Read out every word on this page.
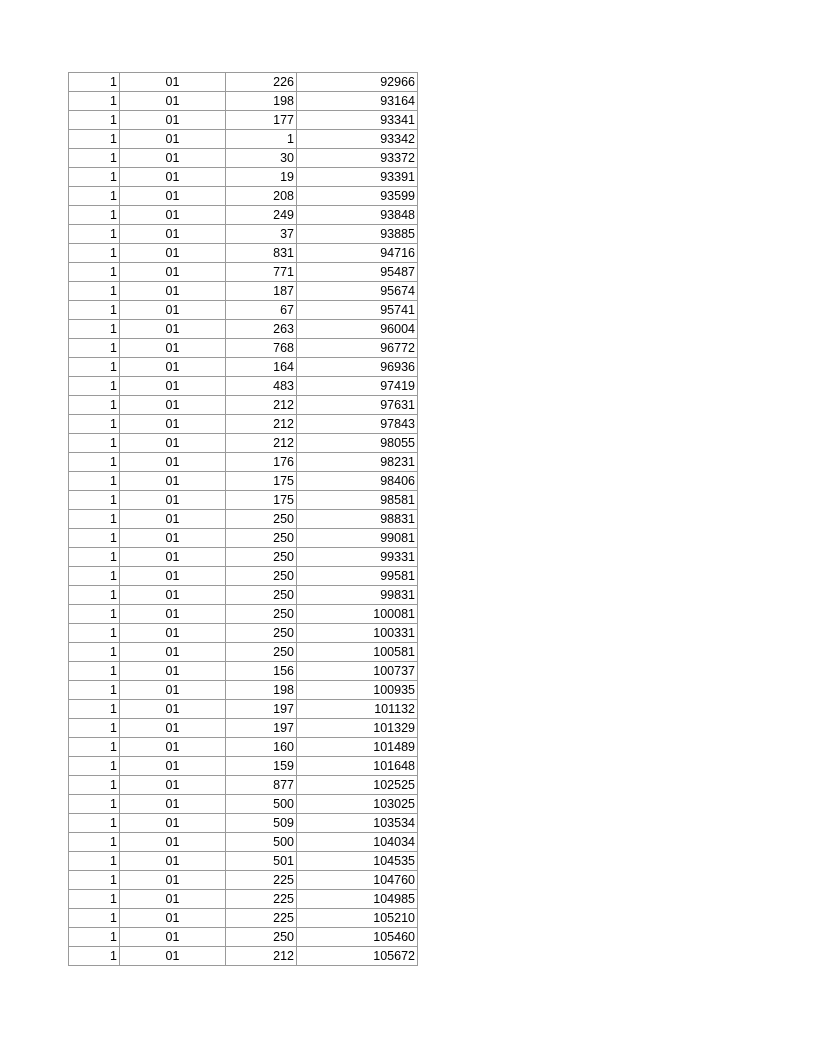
1	01	226	92966
1	01	198	93164
1	01	177	93341
1	01	1	93342
1	01	30	93372
1	01	19	93391
1	01	208	93599
1	01	249	93848
1	01	37	93885
1	01	831	94716
1	01	771	95487
1	01	187	95674
1	01	67	95741
1	01	263	96004
1	01	768	96772
1	01	164	96936
1	01	483	97419
1	01	212	97631
1	01	212	97843
1	01	212	98055
1	01	176	98231
1	01	175	98406
1	01	175	98581
1	01	250	98831
1	01	250	99081
1	01	250	99331
1	01	250	99581
1	01	250	99831
1	01	250	100081
1	01	250	100331
1	01	250	100581
1	01	156	100737
1	01	198	100935
1	01	197	101132
1	01	197	101329
1	01	160	101489
1	01	159	101648
1	01	877	102525
1	01	500	103025
1	01	509	103534
1	01	500	104034
1	01	501	104535
1	01	225	104760
1	01	225	104985
1	01	225	105210
1	01	250	105460
1	01	212	105672
